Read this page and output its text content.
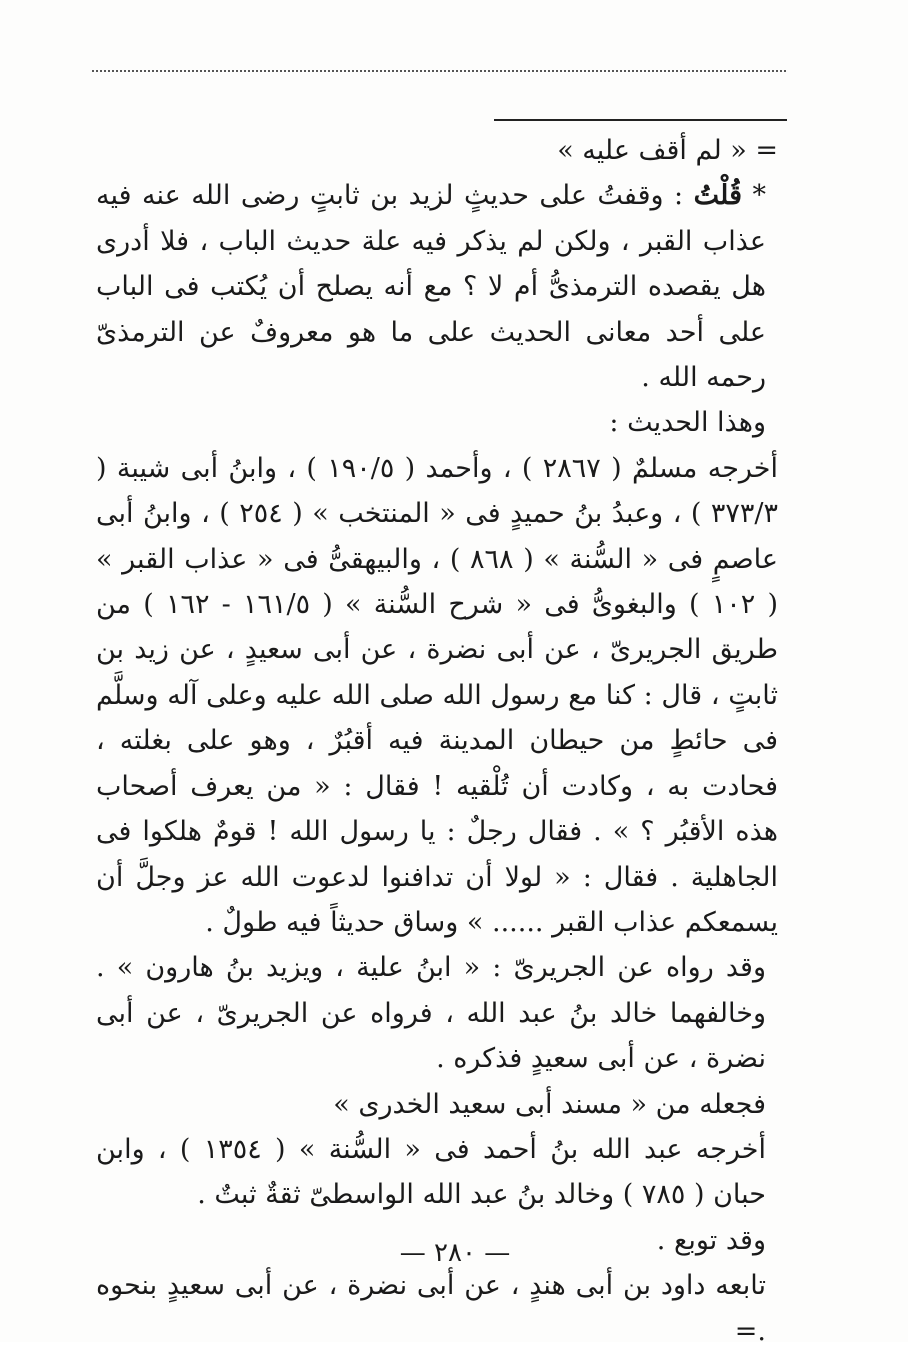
= « لم أقف عليه »

* قُلْتُ : وقفتُ على حديثٍ لزيد بن ثابتٍ رضى الله عنه فيه عذاب القبر ، ولكن لم يذكر فيه علة حديث الباب ، فلا أدرى هل يقصده الترمذىُّ أم لا ؟ مع أنه يصلح أن يُكتب فى الباب على أحد معانى الحديث على ما هو معروفٌ عن الترمذىّ رحمه الله .

وهذا الحديث :

أخرجه مسلمٌ ( ٢٨٦٧ ) ، وأحمد ( ١٩٠/٥ ) ، وابنُ أبى شيبة ( ٣٧٣/٣ ) ، وعبدُ بنُ حميدٍ فى « المنتخب » ( ٢٥٤ ) ، وابنُ أبى عاصمٍ فى « السُّنة » ( ٨٦٨ ) ، والبيهقىُّ فى « عذاب القبر » ( ١٠٢ ) والبغوىُّ فى « شرح السُّنة » ( ١٦١/٥ - ١٦٢ ) من طريق الجريرىّ ، عن أبى نضرة ، عن أبى سعيدٍ ، عن زيد بن ثابتٍ ، قال : كنا مع رسول الله صلى الله عليه وعلى آله وسلَّم فى حائطٍ من حيطان المدينة فيه أقبُرٌ ، وهو على بغلته ، فحادت به ، وكادت أن تُلْقيه ! فقال : « من يعرف أصحاب هذه الأقبُر ؟ » . فقال رجلٌ : يا رسول الله ! قومٌ هلكوا فى الجاهلية . فقال : « لولا أن تدافنوا لدعوت الله عز وجلَّ أن يسمعكم عذاب القبر ...... » وساق حديثاً فيه طولٌ .

وقد رواه عن الجريرىّ : « ابنُ علية ، ويزيد بنُ هارون » . وخالفهما خالد بنُ عبد الله ، فرواه عن الجريرىّ ، عن أبى نضرة ، عن أبى سعيدٍ فذكره .

فجعله من « مسند أبى سعيد الخدرى »

أخرجه عبد الله بنُ أحمد فى « السُّنة » ( ١٣٥٤ ) ، وابن حبان ( ٧٨٥ ) وخالد بنُ عبد الله الواسطىّ ثقةٌ ثبتٌ .

وقد توبع .

تابعه داود بن أبى هندٍ ، عن أبى نضرة ، عن أبى سعيدٍ بنحوه .=

— ٢٨٠ —
